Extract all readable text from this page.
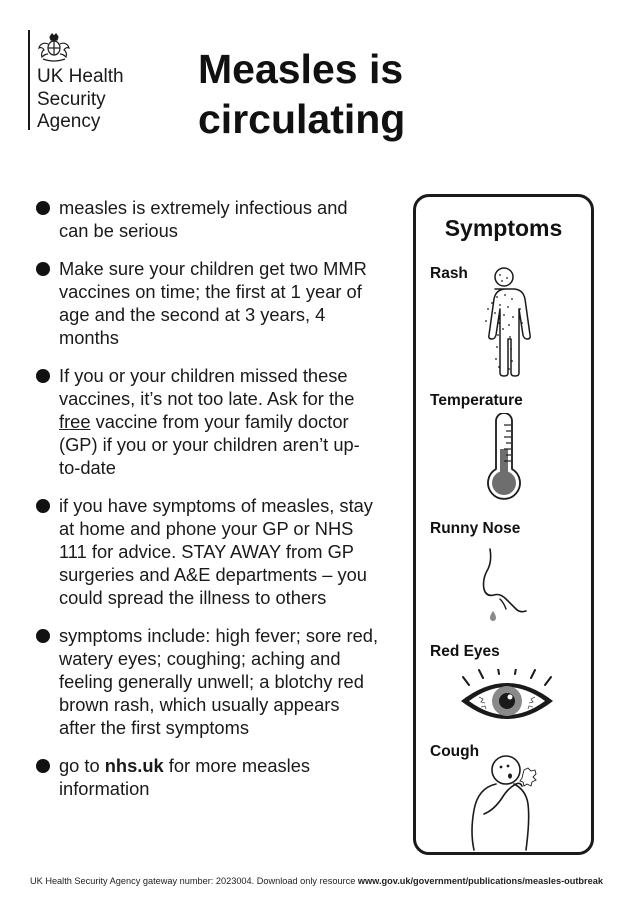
UK Health
Security
Agency
Measles is
circulating
measles is extremely infectious and can be serious
Make sure your children get two MMR vaccines on time; the first at 1 year of age and the second at 3 years, 4 months
If you or your children missed these vaccines, it’s not too late. Ask for the free vaccine from your family doctor (GP) if you or your children aren’t up-to-date
if you have symptoms of measles, stay at home and phone your GP or NHS 111 for advice. STAY AWAY from GP surgeries and A&E departments – you could spread the illness to others
symptoms include: high fever; sore red, watery eyes; coughing; aching and feeling generally unwell; a blotchy red brown rash, which usually appears after the first symptoms
go to nhs.uk for more measles information
Symptoms
Rash
Temperature
Runny Nose
Red Eyes
Cough
UK Health Security Agency gateway number: 2023004. Download only resource www.gov.uk/government/publications/measles-outbreak
